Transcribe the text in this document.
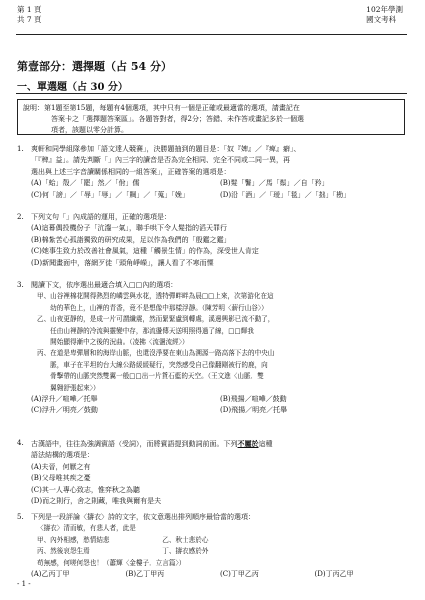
第 1 頁
共 7 頁
102年學測
國文考科
第壹部分：選擇題（占 54 分）
一、單選題（占 30 分）
說明：第1題至第15題，每題有4個選項，其中只有一個是正確或最適當的選項，請畫記在
答案卡之「選擇題答案區」。各題答對者，得2分；答錯、未作答或畫記多於一個選
項者，該題以零分計算。
1.	爽軒和同學組隊參加「語文達人競賽」，決勝題抽到的題目是：「奴『婢』／『痺』癖」、
「『稗』益」。請先判斷「」內三字的讀音是否為完全相同、完全不同或二同一異，再
選出與上述三字音讀關係相同的一組答案」，正確答案的選項是：
(A)「蛤」殼／「罷」然／「佾」儒	(B)髮「鬐」／馬「鬃」／自「矜」
(C)何「謗」／「辱」「辱」／「賙」／「蒐」「娩」	(D)沿「酒」／「璦」「毯」／「拙」「勘」
2.	下列文句「」內成語的運用，正確的選項是：
(A)這幕偶投機份子「沆瀣一氣」，聯手哄下令人髮指的滔天罪行
(B)棉紮苦心孤詣獨致的研究成果，足以作為我們的「殷鑑之鑑」
(C)她事生致力於改善社會風氣，這種「觸景生情」的作為，深受世人肯定
(D)新聞畫面中，落網歹徒「頭角崢嶸」，讓人看了不寒而慄
3.	閱讀下文，依序選出最適合填入□□內的選項：
甲、山谷裡棉花開得熱烈的嶙雲與水花，透特彈畔畔為晨□□上來，次第游化在這
　　幼的華色上，山裡的青香，竟不是想像中那樣浮靜。（陳芳明〈薪行山谷〉）
乙、山夜更靜的，是成一片可謂纖震，然而緊緊盧到轉處，溪邊興影已流不動了，
　　任由山裡靜的冷流與靈變中存，那流盪傳天送明照得過了線，□□輝我
　　開始顯得漸中之後的況曲。（凌拂〈流盪流經〉）
丙、在道是卑彈層和的海岸山脈，也還沒淨要在東山為溯源一路高落下去的中央山
　　脈，車子在平坦的台大線公路緩緩疑行，突然感受自己像翻剛被行的鹿，向
　　骨擊帶的山脈突然雙翼一般□□出一片貨石藍的天空。（王文進〈山脈．雙
　　翼翱舒張起來〉）
(A)浮升／喧嘩／托舉	(B)飛揚／喧嘩／鼓動
(C)浮升／明亮／鼓動	(D)飛揚／明亮／托舉
4.	古漢語中，往往為強調賓語（受詞），而將賓語提到動詞前面。下列不屬於這種
語法結構的選項是：
(A)夫晉，何厭之有
(B)父母唯其疾之憂
(C)其一人專心致志，惟弈秋之為聽
(D)而之則行，舍之則藏，唯我與爾有是夫
5.	下列是一段評論〈擣衣〉詩的文字，依文意選出排列順序最恰當的選項：
〈擣衣〉清而敏，有悲人者，此是
甲、內外相感，愁情結悲　　　　　　　　乙、秋士悲於心
丙、然後哀怨生焉　　　　　　　　　　　丁、擣衣感於外
苟無感，何嗟何怨也！（蕭輝〈金樓子．立言篇〉）
(A)乙丙丁甲	(B)乙丁甲丙	(C)丁甲乙丙	(D)丁丙乙甲
- 1 -
